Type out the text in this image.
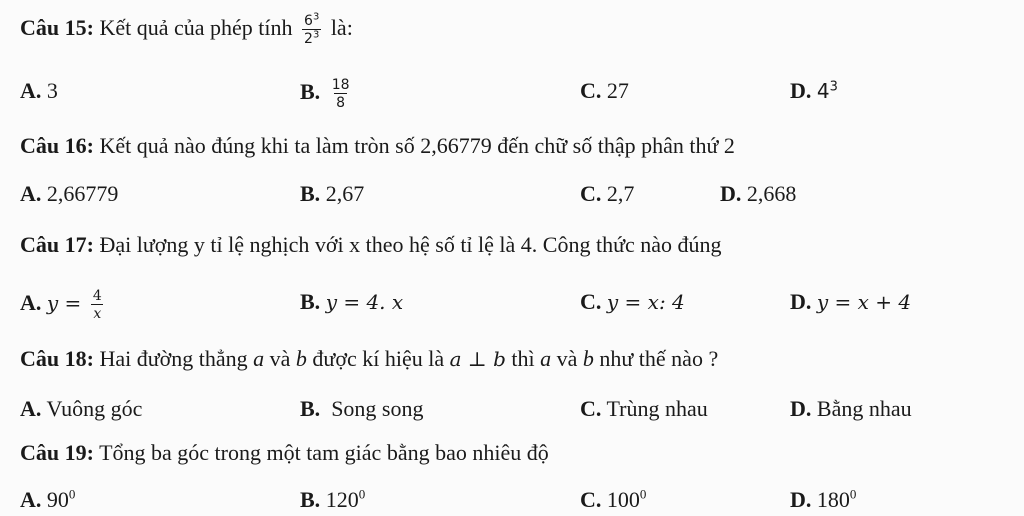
Câu 15: Kết quả của phép tính $\frac{6^3}{2^3}$ là:
A. 3	B. $\frac{18}{8}$	C. 27	D. $4^3$
Câu 16: Kết quả nào đúng khi ta làm tròn số 2,66779 đến chữ số thập phân thứ 2
A. 2,66779	B. 2,67	C. 2,7	D. 2,668
Câu 17: Đại lượng y tỉ lệ nghịch với x theo hệ số tỉ lệ là 4. Công thức nào đúng
A. $y = \frac{4}{x}$	B. y = 4. x	C. y = x: 4	D. y = x + 4
Câu 18: Hai đường thẳng a và b được kí hiệu là a ⊥ b thì a và b như thế nào ?
A. Vuông góc	B. Song song	C. Trùng nhau	D. Bằng nhau
Câu 19: Tổng ba góc trong một tam giác bằng bao nhiêu độ
A. $90^0$	B. $120^0$	C. $100^0$	D. $180^0$
